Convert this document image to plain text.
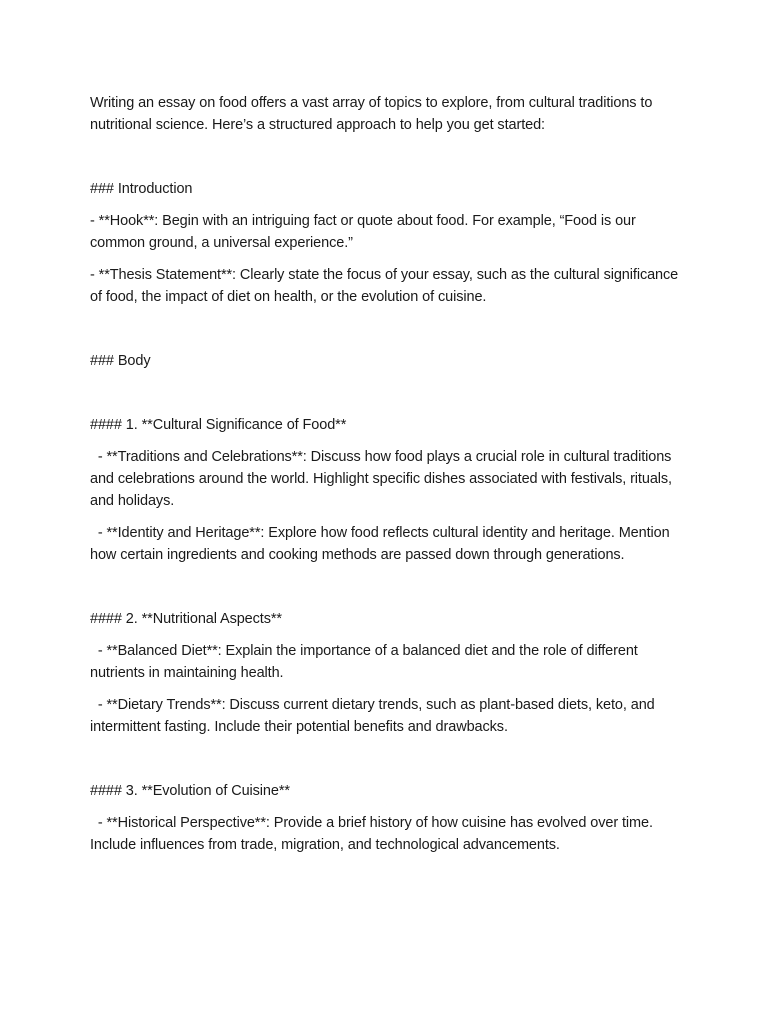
Writing an essay on food offers a vast array of topics to explore, from cultural traditions to nutritional science. Here’s a structured approach to help you get started:

### Introduction

- **Hook**: Begin with an intriguing fact or quote about food. For example, “Food is our common ground, a universal experience.”

- **Thesis Statement**: Clearly state the focus of your essay, such as the cultural significance of food, the impact of diet on health, or the evolution of cuisine.

### Body

#### 1. **Cultural Significance of Food**

- **Traditions and Celebrations**: Discuss how food plays a crucial role in cultural traditions and celebrations around the world. Highlight specific dishes associated with festivals, rituals, and holidays.

- **Identity and Heritage**: Explore how food reflects cultural identity and heritage. Mention how certain ingredients and cooking methods are passed down through generations.

#### 2. **Nutritional Aspects**

- **Balanced Diet**: Explain the importance of a balanced diet and the role of different nutrients in maintaining health.

- **Dietary Trends**: Discuss current dietary trends, such as plant-based diets, keto, and intermittent fasting. Include their potential benefits and drawbacks.

#### 3. **Evolution of Cuisine**

- **Historical Perspective**: Provide a brief history of how cuisine has evolved over time. Include influences from trade, migration, and technological advancements.
